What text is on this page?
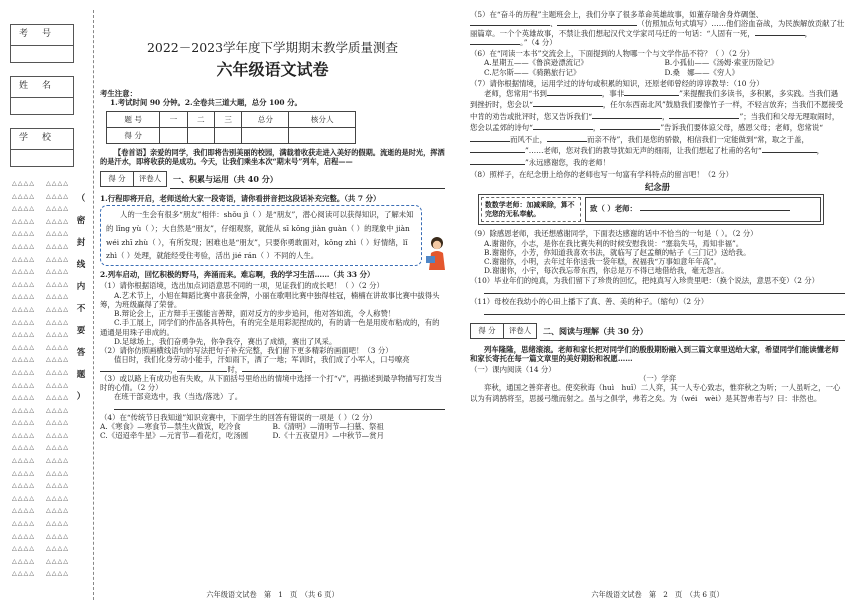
考号
姓名
学校
△△△△
△△△△
△△△△
△△△△
△△△△
△△△△
△△△△
△△△△
△△△△
△△△△
△△△△
△△△△
△△△△
△△△△
△△△△
△△△△
△△△△
△△△△
△△△△
△△△△
△△△△
△△△△
△△△△
△△△△
△△△△
△△△△
△△△△
△△△△
△△△△
△△△△
△△△△
△△△△
△△△△
△△△△
△△△△
△△△△
△△△△
△△△△
△△△△
△△△△
△△△△
△△△△
△△△△
△△△△
△△△△
△△△△
△△△△
△△△△
△△△△
△△△△
△△△△
△△△△
△△△△
△△△△
△△△△
△△△△
△△△△
△△△△
△△△△
△△△△
△△△△
△△△△
△△△△
△△△△
（
密
封
线
内
不
要
答
题
）
2022－2023学年度下学期期末教学质量测查
六年级语文试卷
考生注意：
1.考试时间 90 分钟。2.全卷共三道大题，总分 100 分。
题 号	一	二	三	总分	核分人
得 分					
【卷首语】亲爱的同学，我们即将告别美丽的校园，满载着收获走进入美好的假期。流逝的是时光，挥洒的是汗水，即将收获的是成功。今天，让我们乘坐本次“期末号”列车，启程——
得 分	评卷人	一、积累与运用（共 40 分）
1.行程即将开启，老师送给大家一段寄语，请你看拼音把这段话补充完整。（共 7 分）
人的一生会有很多“朋友”相伴：shǒu jì（ ）是“朋友”，潜心阅读可以获得知识，了解未知的 lǐng yù（ ）；大自然是“朋友”，仔细观察，就能从 sī kōng jiàn guàn（ ）的现象中 jiàn wéi zhī zhù（ ），有所发现；困难也是“朋友”，只要你勇敢面对，kǒng zhì（ ）好情绪，lǐ zhì（ ）处理，就能经受住考验，活出 jié rán（ ）不同的人生。
2.列车启动，回忆积极的野马，奔涌而来。难忘啊，我的学习生活……（共 33 分）
（1）请你根据语境，选出加点词语意思不同的一项，见证我们的成长吧！（ ）（2 分）
A.艺术节上，小旭在舞蹈比赛中喜获金牌，小丽在歌唱比赛中独得桂冠，楠楠在讲故事比赛中拔得头筹，为班级赢得了荣誉。
B.辩论会上，正方辩手王强能言善辩，面对反方的步步追问，他对答如流，令人称赞！
C.手工展上，同学们的作品各具特色，有的完全是用彩泥捏成的，有的请一色是用废布粘成的，有的通通是用珠子串成的。
D.足球场上，我们奋勇争先，你争我夺，赛出了成绩，赛出了风采。
（2）请你仿照画横线语句的写法把句子补充完整，我们留下更多精彩的画面吧！（3 分）
值日时，我们化身劳动小能手，汗如雨下，洒了一地；军训时，我们成了小军人，口号嘹亮，	时，
（3）或以路上有成功也有失败，从下面括号里给出的情境中选择一个打“√”，再描述到最孕物描写打发当时的心情。（2 分）
在班干部竞选中，我（当选/落选）了。
（4）在“传统节日我知道”知识竞赛中，下面学生的回答有错误的一项是（ ）（2 分）
A.《寒食》—寒食节—禁生火做饭，吃冷食	B.《清明》—清明节—扫墓、祭祖
C.《迢迢牵牛星》—元宵节—看花灯，吃汤圆	D.《十五夜望月》—中秋节—赏月
六年级语文试卷　第　1　页　（共 6 页）
（5）在“奋斗的历程”主题班会上，我们分享了很多革命英雄故事，如董存瑞舍身炸碉堡、
、	（仿照加点句式填写）……他们浴血奋战，为民族解放贡献了壮丽篇章。一个个英雄故事，不禁让我们想起汉代文学家司马迁的一句话：“人固有一死，	，。”（4 分）
（6）在“同读一本书”交流会上，下面提到的人物哪一个与文学作品不符？（ ）（2 分）
A.星期五——《鲁滨逊漂流记》	B.小孤仙——《汤姆·索亚历险记》
C.尼尔斯——《骑鹅旅行记》	D.桑　娜——《穷人》
（7）请你根据情境，运用学过的诗句或积累的知识，还原老师曾经的谆谆教导：（10 分）
老师，您常用“书到	，事非	”来提醒我们多读书，多积累，多实践。当我们遇到挫折时，您会以“	，任尔东西南北风”鼓励我们要像竹子一样，不轻言放弃；当我们不愿接受中肯的劝告或批评时，您又告诉我们“	，	”；当我们和父母无理取闹时，您会以孟郊的诗句“	，	”告诉我们要体谅父母，感恩父母；老师，您常说“而风不止，	而亲不待”，我们是您的骄傲，相信我们一定能做到“常，取之于盖，”……老师，您对我们的教导犹如无声的细雨，让我们想起了杜甫的名句“	，”永远感谢您，我的老师！
（8）照样子，在纪念册上给你的老师也写一句富有学科特点的留言吧！（2 分）
纪念册
数数学老师：加减乘除，算不完您的无私奉献。
致（ ）老师：
（9）除感恩老师，我还想感谢同学，下面表达感谢的话中不恰当的一句是（ ）。（2 分）
A.谢谢你，小志，是你在我比赛失利的时候安慰我说：“塞翁失马，焉知非福”。
B.谢谢你，小芳，你知道我喜欢书法，就临写了赵孟頫的帖子《三门记》送给我。
C.谢谢你，小明，去年过年你送我一袋年糕，祝福我“万事如意年年高”。
D.谢谢你，小宇，每次我忘带东西，你总是万不得已地借给我，毫无怨言。
（10）毕业年们的纯真，为我们留下了珍贵的回忆，把纯真写入珍贵里吧：（换个说法，意思不变）（2 分）
（11）母校在我幼小的心田上播下了真、善、美的种子。（缩句）（2 分）
得 分	评卷人	二、阅读与理解（共 30 分）
列车隆隆，思绪滚滚。老师和家长把对同学们的殷殷期盼融入到三篇文章里送给大家，希望同学们能读懂老师和家长寄托在每一篇文章里的美好期盼和祝愿……
（一）课内阅读（14 分）
（一）学弈
弈秋，通国之善弈者也。使奕秋诲（huì　huǐ）二人弈，其一人专心致志，惟弈秋之为听；一人虽听之，一心以为有鸿鹄将至，思援弓缴而射之。虽与之俱学，弗若之矣。为（wéi　wèi）是其智弗若与？曰：非然也。
六年级语文试卷　第　2　页　（共 6 页）
